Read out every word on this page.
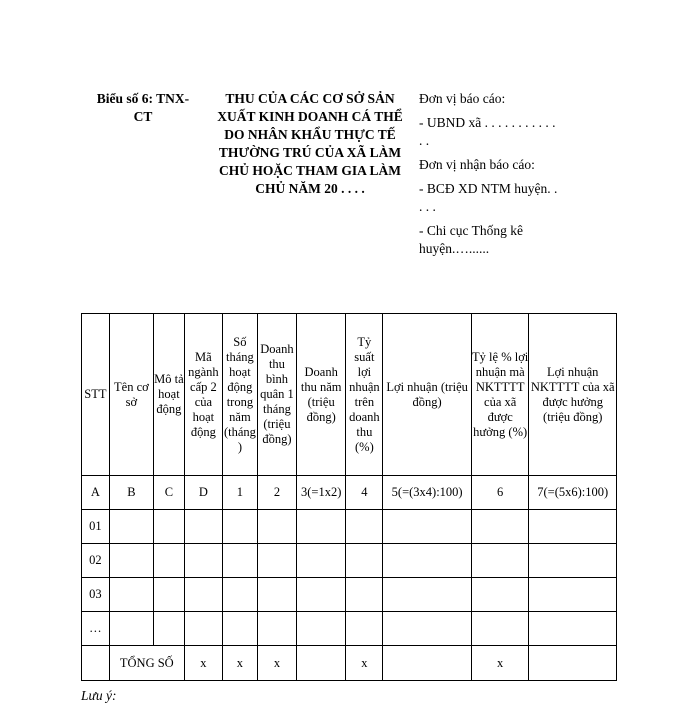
Biểu số 6: TNX-CT
THU CỦA CÁC CƠ SỞ SẢN XUẤT KINH DOANH CÁ THỂ DO NHÂN KHẨU THỰC TẾ THƯỜNG TRÚ CỦA XÃ LÀM CHỦ HOẶC THAM GIA LÀM CHỦ NĂM 20 . . . .

Đơn vị báo cáo:

- UBND xã . . . . . . . . . . . . .

Đơn vị nhận báo cáo:

- BCĐ XD NTM huyện. . . . .

- Chi cục Thống kê huyện.…......

STT	Tên cơ sở	Mô tả hoạt động	Mã ngành cấp 2 của hoạt động	Số tháng hoạt động trong năm (tháng)	Doanh thu bình quân 1 tháng (triệu đồng)	Doanh thu năm (triệu đồng)	Tỷ suất lợi nhuận trên doanh thu (%)	Lợi nhuận (triệu đồng)	Tỷ lệ % lợi nhuận mà NKTTTT của xã được hưởng (%)	Lợi nhuận NKTTTT của xã được hưởng (triệu đồng)
A	B	C	D	1	2	3(=1x2)	4	5(=(3x4):100)	6	7(=(5x6):100)
01										
02										
03										
…										
	TỔNG SỐ		x	x	x		x		x	
Lưu ý:
